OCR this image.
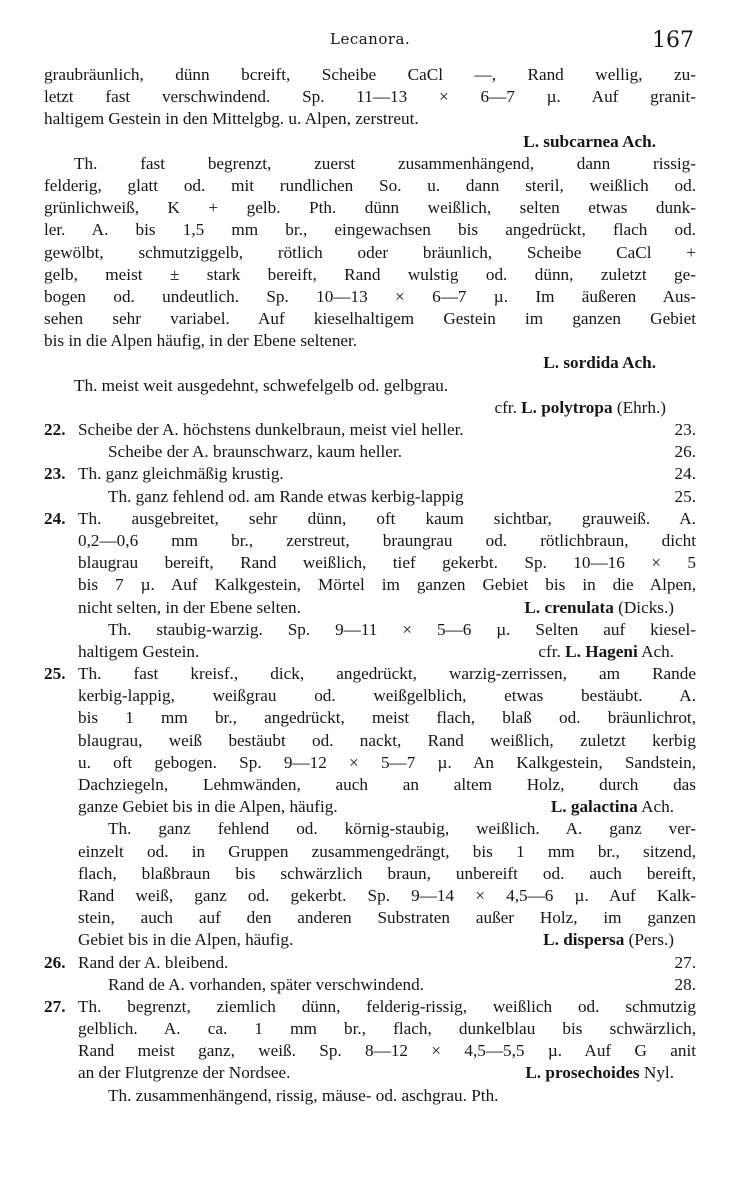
Lecanora.	167
graubräunlich, dünn bcreift, Scheibe CaCl —, Rand wellig, zu-
letzt fast verschwindend. Sp. 11—13 × 6—7 µ. Auf granit-
haltigem Gestein in den Mittelgbg. u. Alpen, zerstreut.
L. subcarnea Ach.
Th. fast begrenzt, zuerst zusammenhängend, dann rissig-
felderig, glatt od. mit rundlichen So. u. dann steril, weißlich od.
grünlichweiß, K + gelb. Pth. dünn weißlich, selten etwas dunk-
ler. A. bis 1,5 mm br., eingewachsen bis angedrückt, flach od.
gewölbt, schmutziggelb, rötlich oder bräunlich, Scheibe CaCl +
gelb, meist ± stark bereift, Rand wulstig od. dünn, zuletzt ge-
bogen od. undeutlich. Sp. 10—13 × 6—7 µ. Im äußeren Aus-
sehen sehr variabel. Auf kieselhaltigem Gestein im ganzen Gebiet
bis in die Alpen häufig, in der Ebene seltener.
L. sordida Ach.
Th. meist weit ausgedehnt, schwefelgelb od. gelbgrau.
cfr. L. polytropa (Ehrh.)
22. Scheibe der A. höchstens dunkelbraun, meist viel heller.	23.
Scheibe der A. braunschwarz, kaum heller.	26.
23. Th. ganz gleichmäßig krustig.	24.
Th. ganz fehlend od. am Rande etwas kerbig-lappig	25.
24. Th. ausgebreitet, sehr dünn, oft kaum sichtbar, grauweiß. A.
0,2—0,6 mm br., zerstreut, braungrau od. rötlichbraun, dicht
blaugrau bereift, Rand weißlich, tief gekerbt. Sp. 10—16 × 5
bis 7 µ. Auf Kalkgestein, Mörtel im ganzen Gebiet bis in die Alpen,
nicht selten, in der Ebene selten.	L. crenulata (Dicks.)
Th. staubig-warzig. Sp. 9—11 × 5—6 µ. Selten auf kiesel-
haltigem Gestein.	cfr. L. Hageni Ach.
25. Th. fast kreisf., dick, angedrückt, warzig-zerrissen, am Rande
kerbig-lappig, weißgrau od. weißgelblich, etwas bestäubt. A.
bis 1 mm br., angedrückt, meist flach, blaß od. bräunlichrot,
blaugrau, weiß bestäubt od. nackt, Rand weißlich, zuletzt kerbig
u. oft gebogen. Sp. 9—12 × 5—7 µ. An Kalkgestein, Sandstein,
Dachziegeln, Lehmwänden, auch an altem Holz, durch das
ganze Gebiet bis in die Alpen, häufig.	L. galactina Ach.
Th. ganz fehlend od. körnig-staubig, weißlich. A. ganz ver-
einzelt od. in Gruppen zusammengedrängt, bis 1 mm br., sitzend,
flach, blaßbraun bis schwärzlich braun, unbereift od. auch bereift,
Rand weiß, ganz od. gekerbt. Sp. 9—14 × 4,5—6 µ. Auf Kalk-
stein, auch auf den anderen Substraten außer Holz, im ganzen
Gebiet bis in die Alpen, häufig.	L. dispersa (Pers.)
26. Rand der A. bleibend.	27.
Rand de A. vorhanden, später verschwindend.	28.
27. Th. begrenzt, ziemlich dünn, felderig-rissig, weißlich od. schmutzig
gelblich. A. ca. 1 mm br., flach, dunkelblau bis schwärzlich,
Rand meist ganz, weiß. Sp. 8—12 × 4,5—5,5 µ. Auf G anit
an der Flutgrenze der Nordsee.	L. prosechoides Nyl.
Th. zusammenhängend, rissig, mäuse- od. aschgrau. Pth.
